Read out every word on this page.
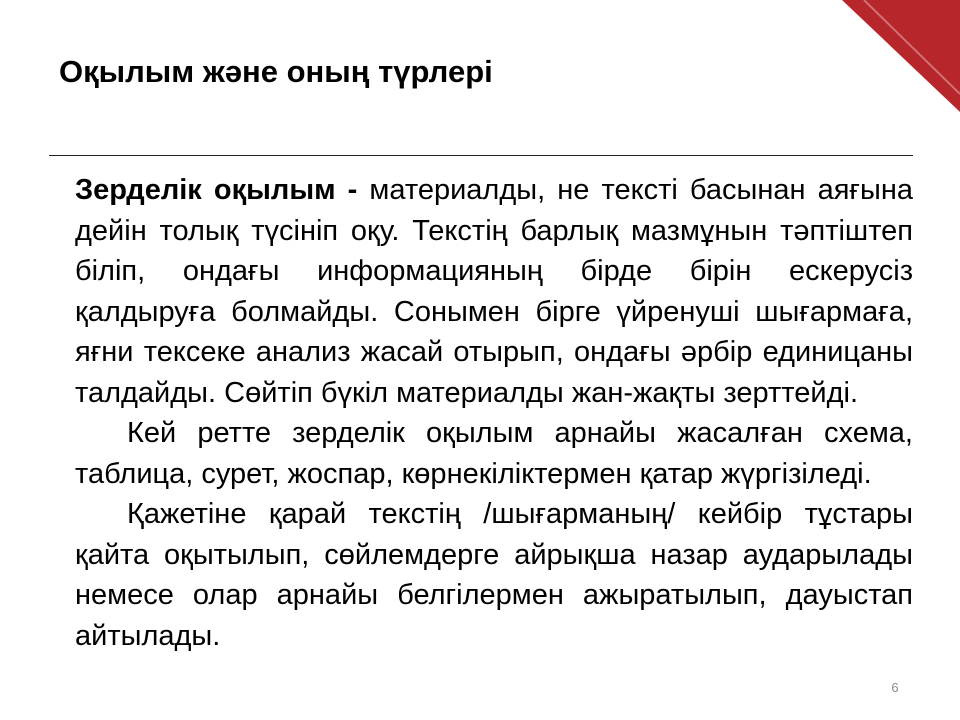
Оқылым және оның түрлері

Зерделік оқылым - материалды, не тексті басынан аяғына дейін толық түсініп оқу. Текстің барлық мазмұнын тәптіштеп біліп, ондағы информацияның бірде бірін ескерусіз қалдыруға болмайды. Сонымен бірге үйренуші шығармаға, яғни тексеке анализ жасай отырып, ондағы әрбір единицаны талдайды. Сөйтіп бүкіл материалды жан-жақты зерттейді.

Кей ретте зерделік оқылым арнайы жасалған схема, таблица, сурет, жоспар, көрнекіліктермен қатар жүргізіледі.

Қажетіне қарай текстің /шығарманың/ кейбір тұстары қайта оқытылып, сөйлемдерге айрықша назар аударылады немесе олар арнайы белгілермен ажыратылып, дауыстап айтылады.

6
